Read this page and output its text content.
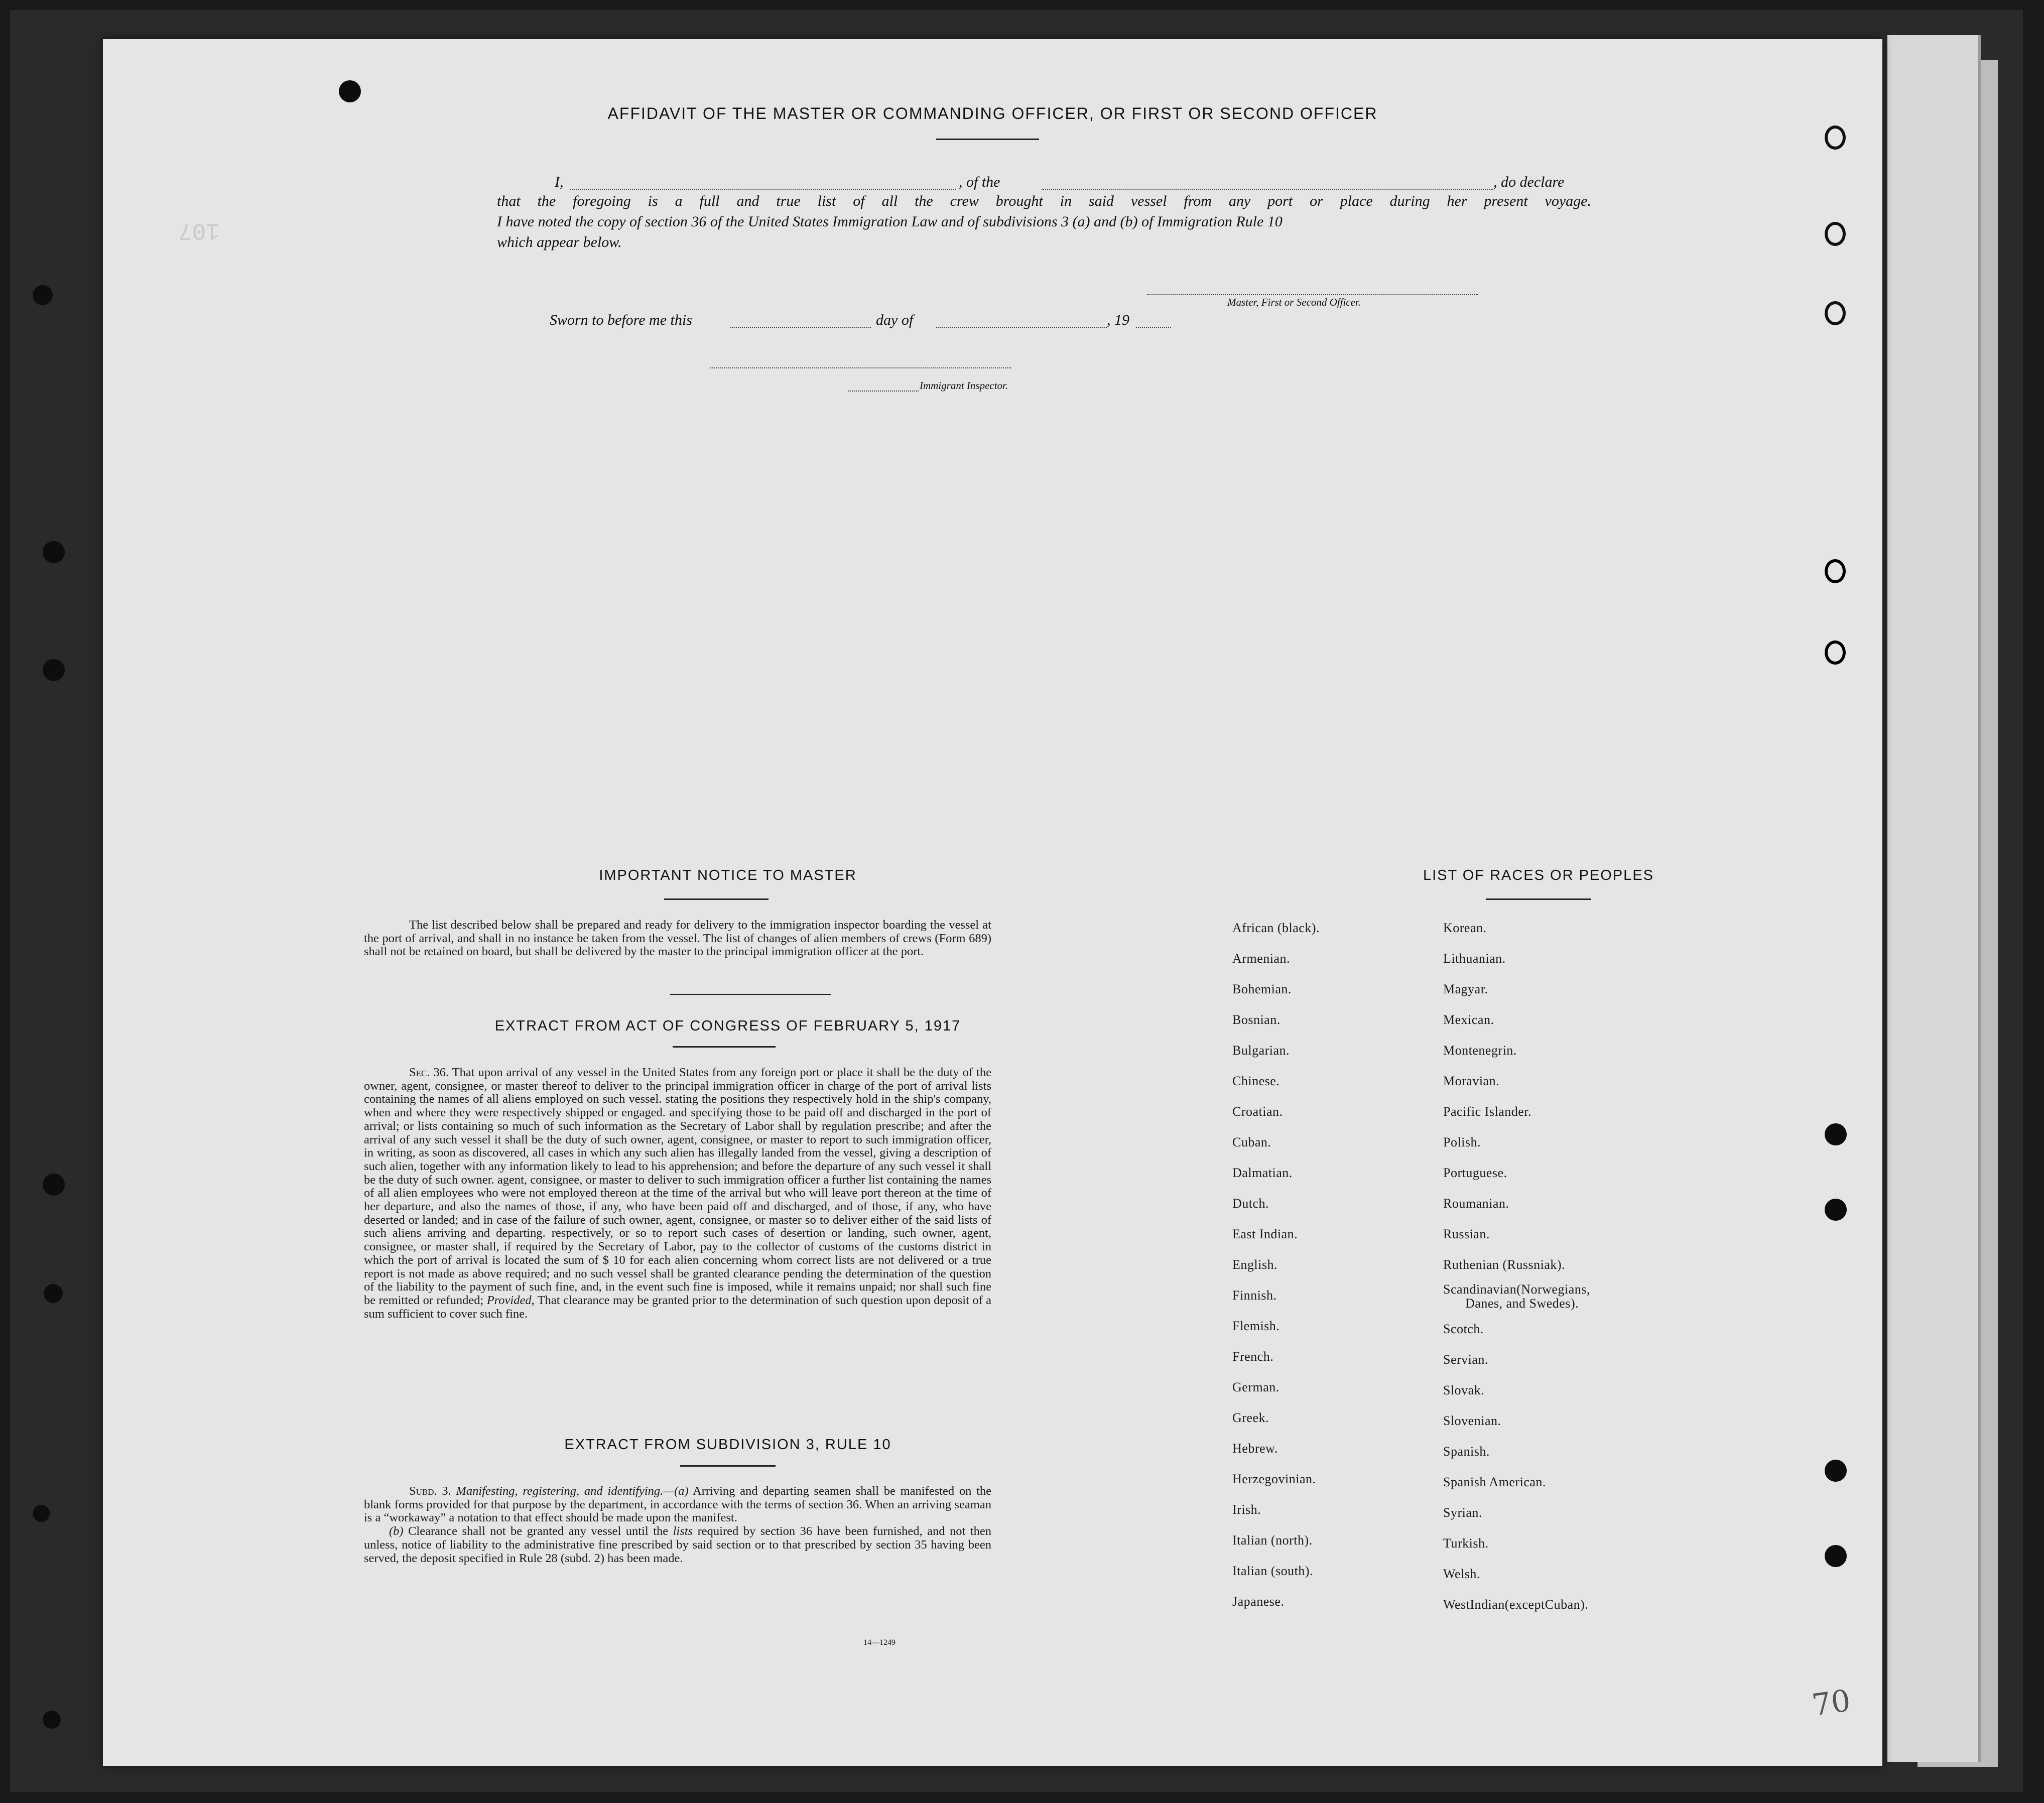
107
AFFIDAVIT OF THE MASTER OR COMMANDING OFFICER, OR FIRST OR SECOND OFFICER
I,	, of the	, do declare
that the foregoing is a full and true list of all the crew brought in said vessel from any port or place during her present voyage.
I have noted the copy of section 36 of the United States Immigration Law and of subdivisions 3 (a) and (b) of Immigration Rule 10
which appear below.
Master, First or Second Officer.
Sworn to before me this	day of	, 19
Immigrant Inspector.
IMPORTANT NOTICE TO MASTER

The list described below shall be prepared and ready for delivery to the immigration inspector boarding the vessel at the port of arrival, and shall in no instance be taken from the vessel. The list of changes of alien members of crews (Form 689) shall not be retained on board, but shall be delivered by the master to the principal immigration officer at the port.

EXTRACT FROM ACT OF CONGRESS OF FEBRUARY 5, 1917

Sec. 36. That upon arrival of any vessel in the United States from any foreign port or place it shall be the duty of the owner, agent, consignee, or master thereof to deliver to the principal immigration officer in charge of the port of arrival lists containing the names of all aliens employed on such vessel. stating the positions they respectively hold in the ship's company, when and where they were respectively shipped or engaged. and specifying those to be paid off and discharged in the port of arrival; or lists containing so much of such information as the Secretary of Labor shall by regulation prescribe; and after the arrival of any such vessel it shall be the duty of such owner, agent, consignee, or master to report to such immigration officer, in writing, as soon as discovered, all cases in which any such alien has illegally landed from the vessel, giving a description of such alien, together with any information likely to lead to his apprehension; and before the departure of any such vessel it shall be the duty of such owner. agent, consignee, or master to deliver to such immigration officer a further list containing the names of all alien employees who were not employed thereon at the time of the arrival but who will leave port thereon at the time of her departure, and also the names of those, if any, who have been paid off and discharged, and of those, if any, who have deserted or landed; and in case of the failure of such owner, agent, consignee, or master so to deliver either of the said lists of such aliens arriving and departing. respectively, or so to report such cases of desertion or landing, such owner, agent, consignee, or master shall, if required by the Secretary of Labor, pay to the collector of customs of the customs district in which the port of arrival is located the sum of $ 10 for each alien concerning whom correct lists are not delivered or a true report is not made as above required; and no such vessel shall be granted clearance pending the determination of the question of the liability to the payment of such fine, and, in the event such fine is imposed, while it remains unpaid; nor shall such fine be remitted or refunded; Provided, That clearance may be granted prior to the determination of such question upon deposit of a sum sufficient to cover such fine.

EXTRACT FROM SUBDIVISION 3, RULE 10

Subd. 3. Manifesting, registering, and identifying.—(a) Arriving and departing seamen shall be manifested on the blank forms provided for that purpose by the department, in accordance with the terms of section 36. When an arriving seaman is a “workaway” a notation to that effect should be made upon the manifest.

(b) Clearance shall not be granted any vessel until the lists required by section 36 have been furnished, and not then unless, notice of liability to the administrative fine prescribed by said section or to that prescribed by section 35 having been served, the deposit specified in Rule 28 (subd. 2) has been made.

14—1249
LIST OF RACES OR PEOPLES
African (black).
Armenian.
Bohemian.
Bosnian.
Bulgarian.
Chinese.
Croatian.
Cuban.
Dalmatian.
Dutch.
East Indian.
English.
Finnish.
Flemish.
French.
German.
Greek.
Hebrew.
Herzegovinian.
Irish.
Italian (north).
Italian (south).
Japanese.
Korean.
Lithuanian.
Magyar.
Mexican.
Montenegrin.
Moravian.
Pacific Islander.
Polish.
Portuguese.
Roumanian.
Russian.
Ruthenian (Russniak).
Scandinavian(Norwegians,
Danes, and Swedes).
Scotch.
Servian.
Slovak.
Slovenian.
Spanish.
Spanish American.
Syrian.
Turkish.
Welsh.
WestIndian(exceptCuban).
70
